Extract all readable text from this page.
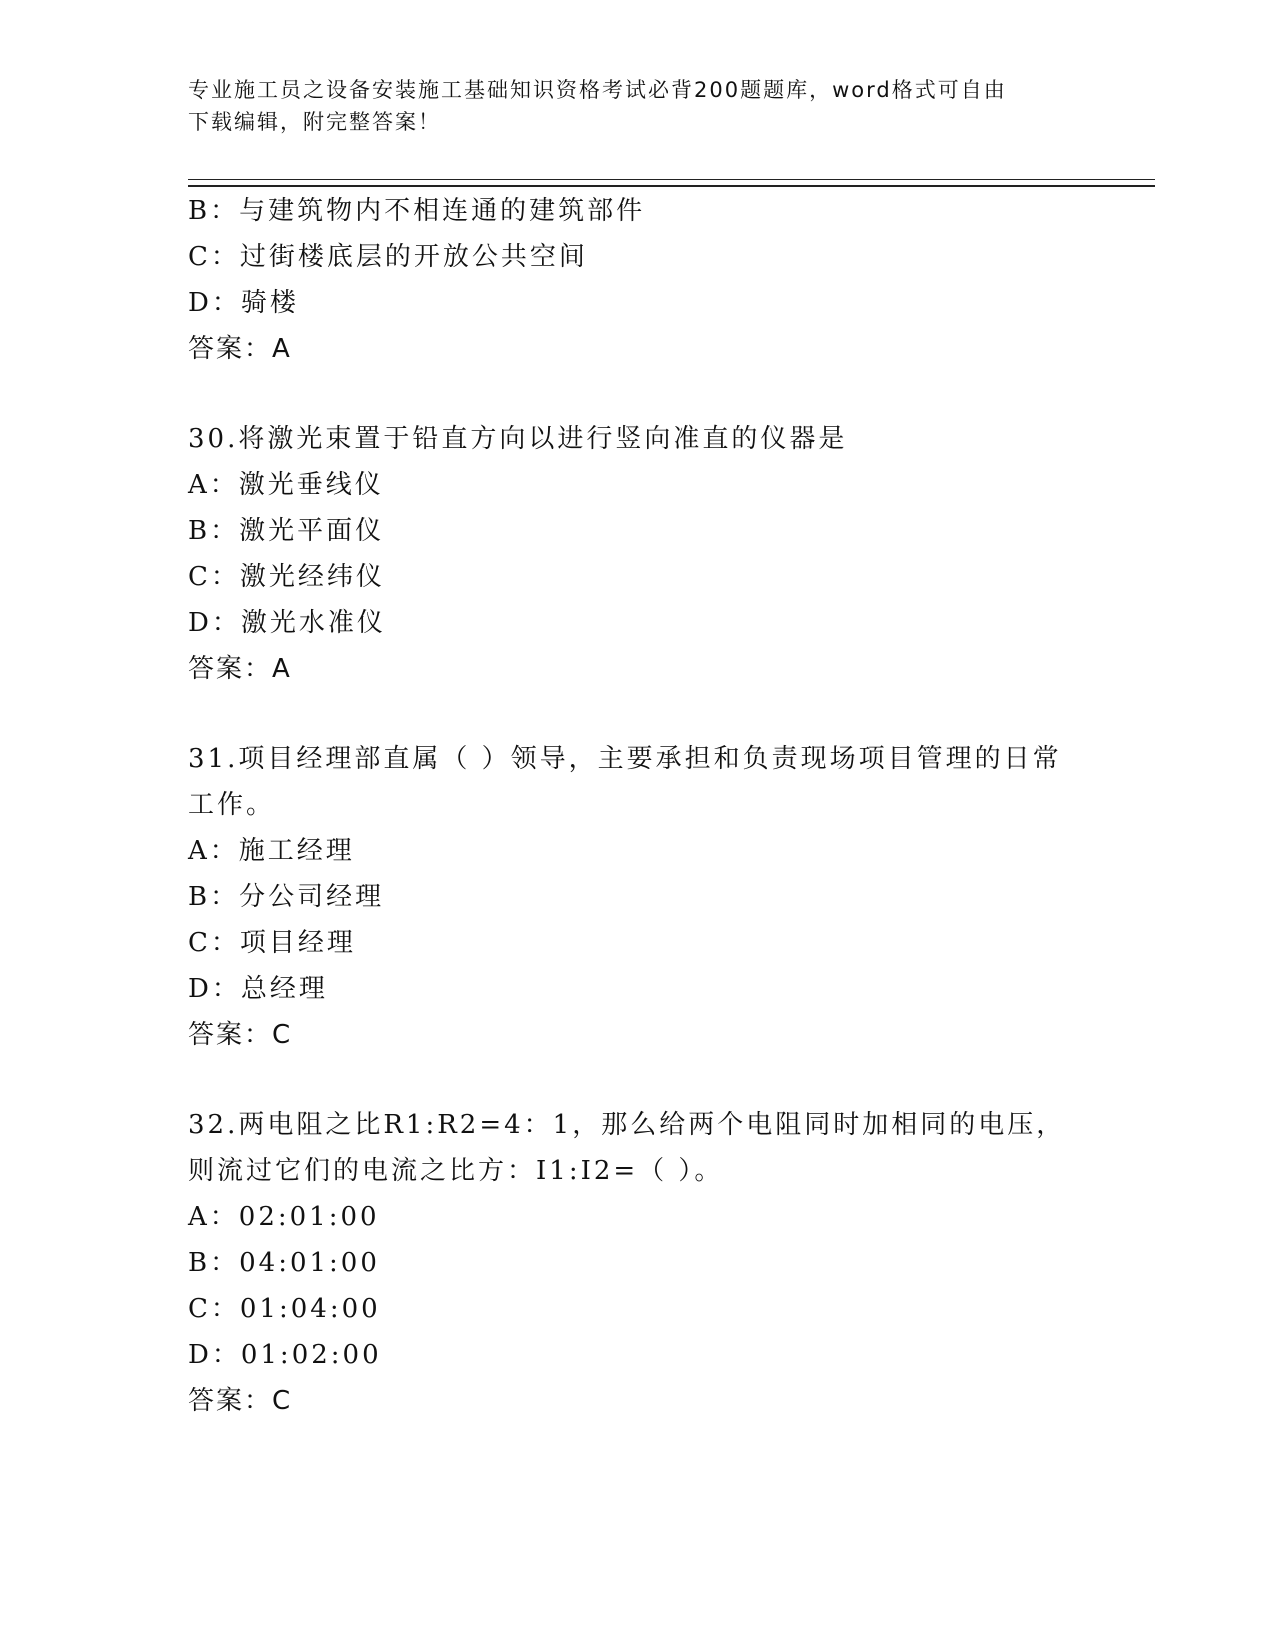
专业施工员之设备安装施工基础知识资格考试必背200题题库，word格式可自由
下载编辑，附完整答案！
B：与建筑物内不相连通的建筑部件
C：过街楼底层的开放公共空间
D：骑楼
答案：A
30.将激光束置于铅直方向以进行竖向准直的仪器是
A：激光垂线仪
B：激光平面仪
C：激光经纬仪
D：激光水准仪
答案：A
31.项目经理部直属（ ）领导，主要承担和负责现场项目管理的日常工作。
A：施工经理
B：分公司经理
C：项目经理
D：总经理
答案：C
32.两电阻之比R1:R2=4：1，那么给两个电阻同时加相同的电压，则流过它们的电流之比方：I1:I2=（ ）。
A：02:01:00
B：04:01:00
C：01:04:00
D：01:02:00
答案：C
